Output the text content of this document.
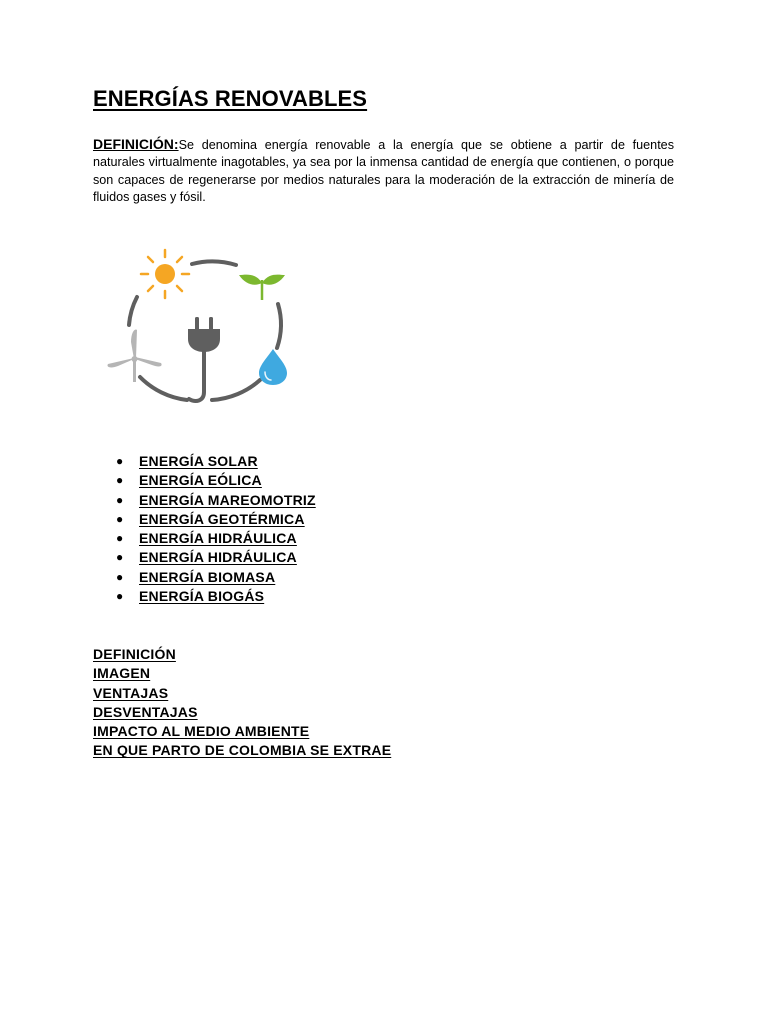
ENERGÍAS RENOVABLES

DEFINICIÓN:Se denomina energía renovable a la energía que se obtiene a partir de fuentes naturales virtualmente inagotables, ya sea por la inmensa cantidad de energía que contienen, o porque son capaces de regenerarse por medios naturales para la moderación de la extracción de minería de fluidos gases y fósil.

● ENERGÍA SOLAR
● ENERGÍA EÓLICA
● ENERGÍA MAREOMOTRIZ
● ENERGÍA GEOTÉRMICA
● ENERGÍA HIDRÁULICA
● ENERGÍA HIDRÁULICA
● ENERGÍA BIOMASA
● ENERGÍA BIOGÁS
DEFINICIÓN
IMAGEN
VENTAJAS
DESVENTAJAS
IMPACTO AL MEDIO AMBIENTE
EN QUE PARTO DE COLOMBIA SE EXTRAE
